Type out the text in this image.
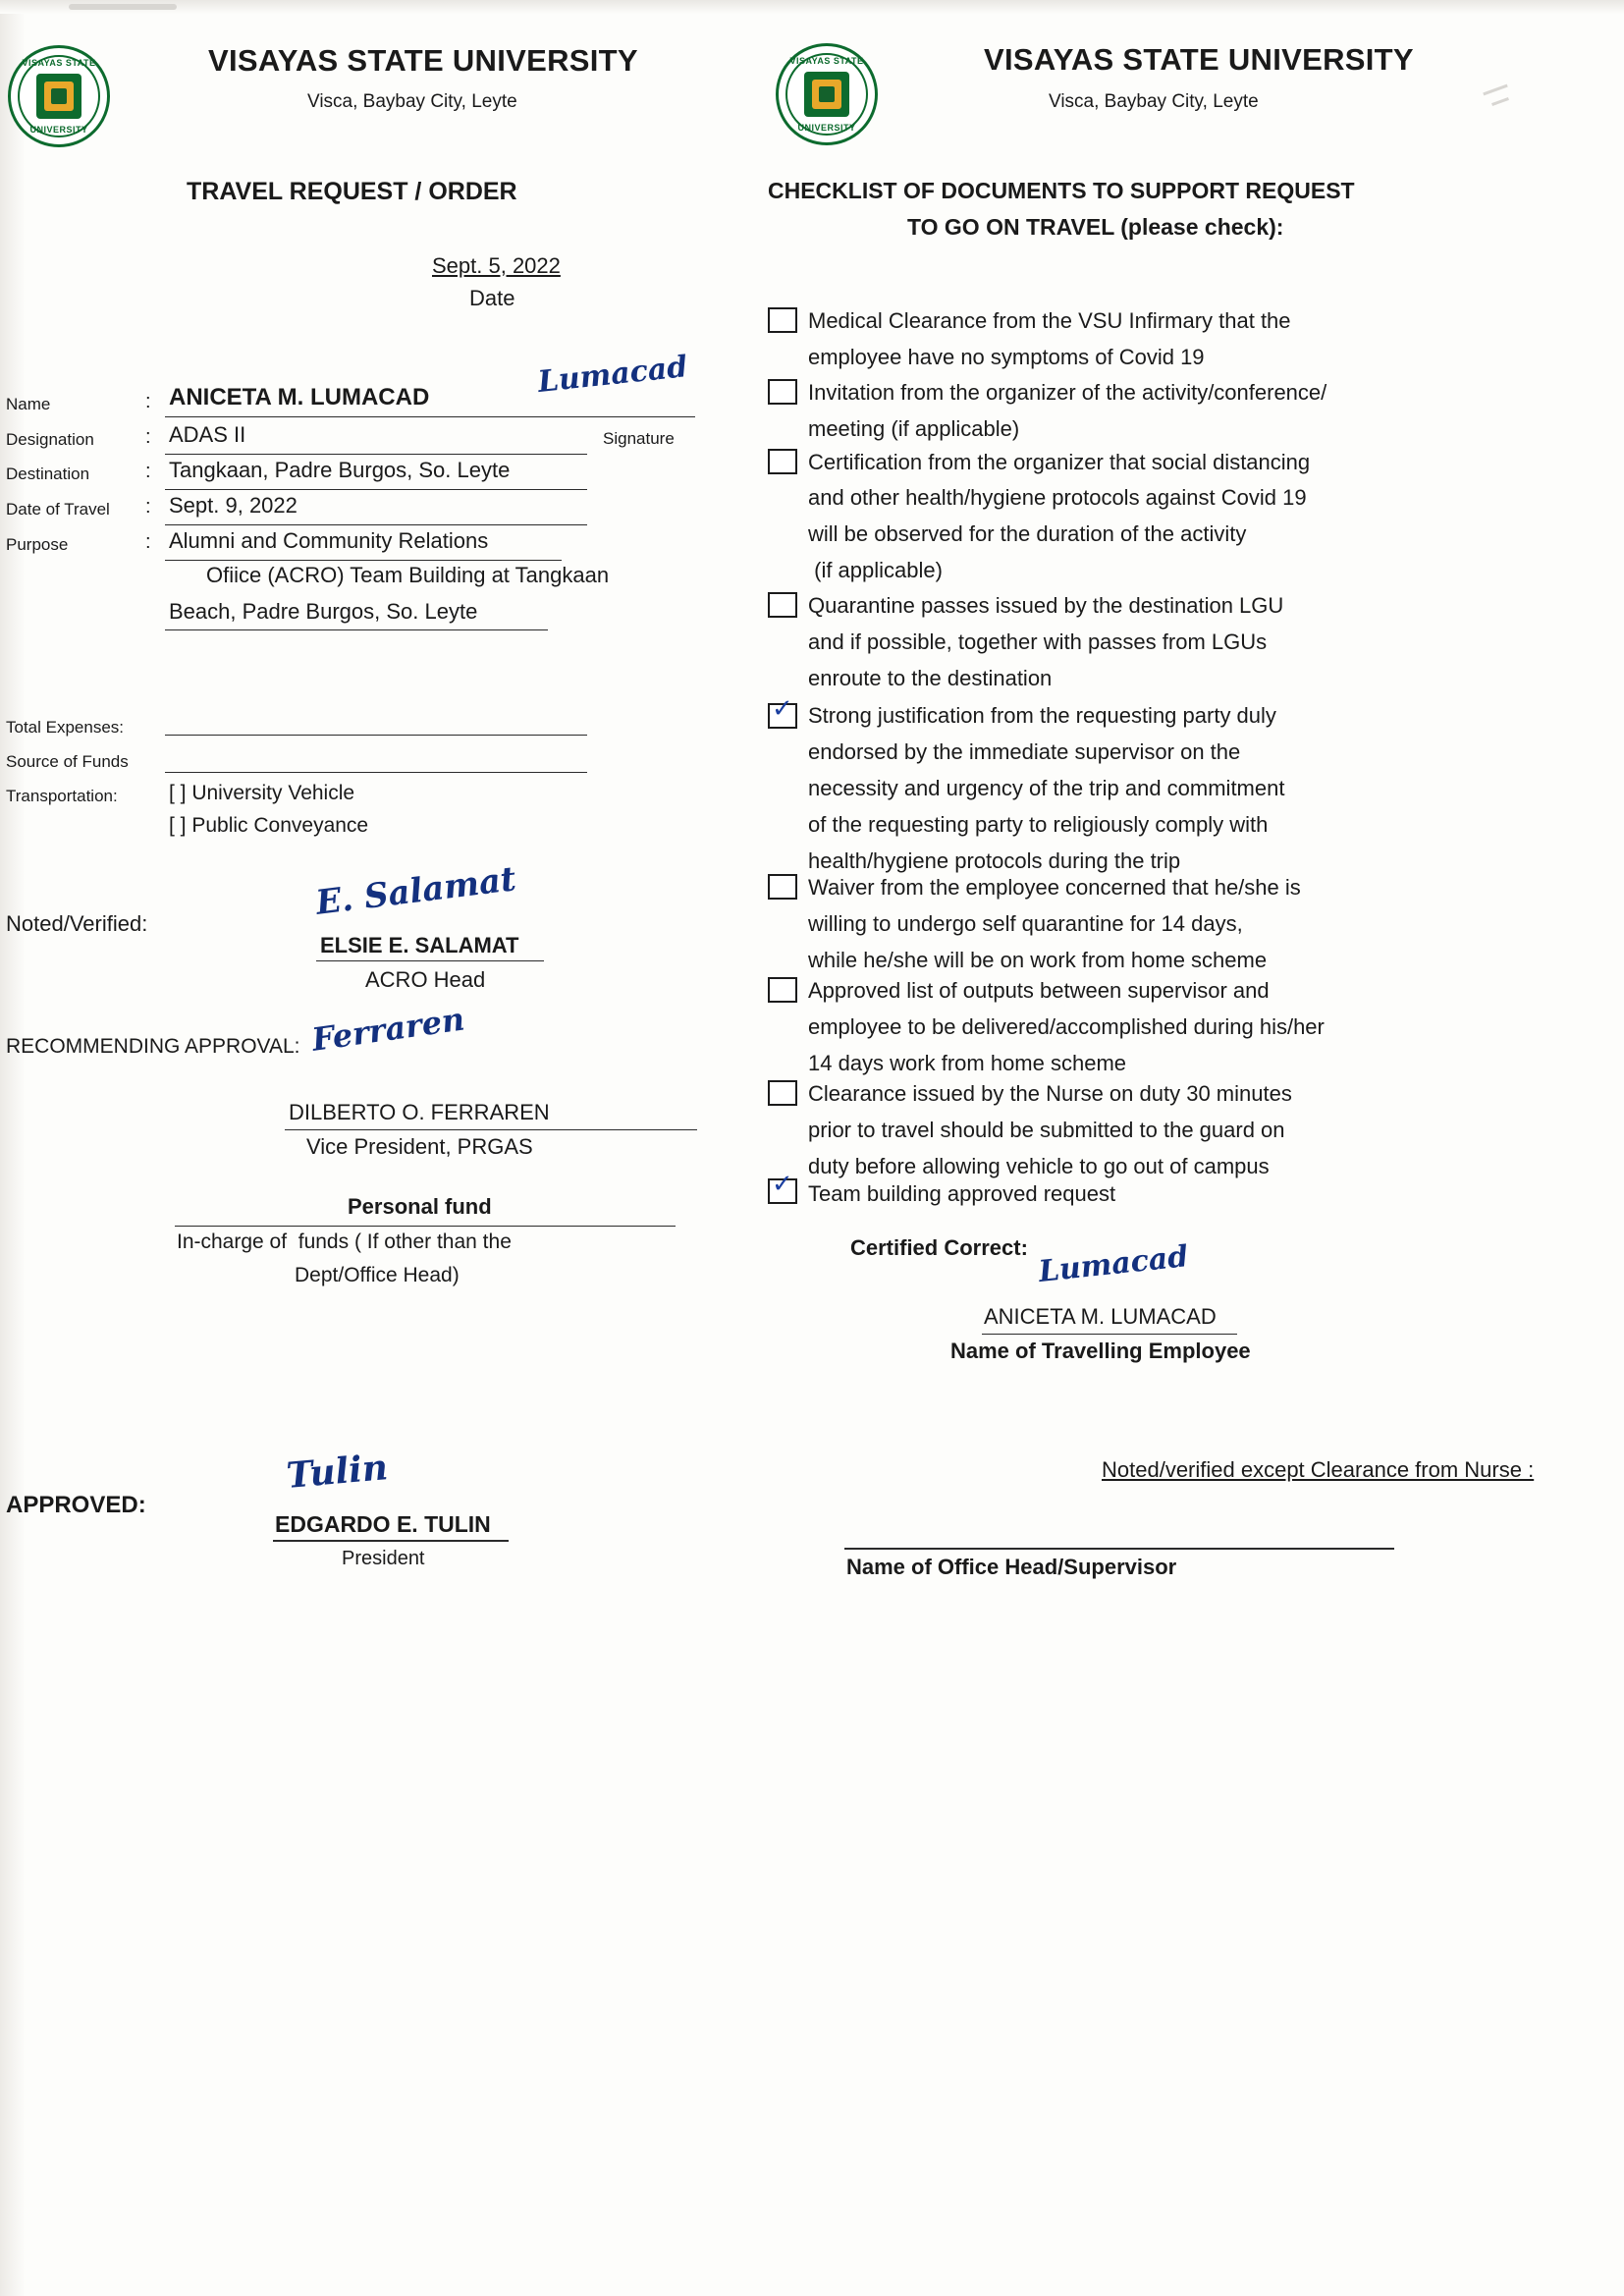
VISAYAS STATE
UNIVERSITY
VISAYAS STATE UNIVERSITY
Visca, Baybay City, Leyte
TRAVEL REQUEST / ORDER
Sept. 5, 2022
Date
Name	: ANICETA M. LUMACAD
Designation	: ADAS II	Signature
Destination	: Tangkaan, Padre Burgos, So. Leyte
Date of Travel : Sept. 9, 2022
Purpose	: Alumni and Community Relations
Ofiice (ACRO) Team Building at Tangkaan
Beach, Padre Burgos, So. Leyte
Lumacad
Total Expenses:
Source of Funds
Transportation: [ ] University Vehicle
[ ] Public Conveyance
Noted/Verified:
E. Salamat
ELSIE E. SALAMAT
ACRO Head
RECOMMENDING APPROVAL: Ferraren
DILBERTO O. FERRAREN
Vice President, PRGAS
Personal fund
In-charge of  funds ( If other than the
Dept/Office Head)
APPROVED:
Tulin
EDGARDO E. TULIN
President
VISAYAS STATE
UNIVERSITY
VISAYAS STATE UNIVERSITY
Visca, Baybay City, Leyte
CHECKLIST OF DOCUMENTS TO SUPPORT REQUEST
TO GO ON TRAVEL (please check):
Medical Clearance from the VSU Infirmary that the
employee have no symptoms of Covid 19
Invitation from the organizer of the activity/conference/
meeting (if applicable)
Certification from the organizer that social distancing
and other health/hygiene protocols against Covid 19
will be observed for the duration of the activity
(if applicable)
Quarantine passes issued by the destination LGU
and if possible, together with passes from LGUs
enroute to the destination
✓ Strong justification from the requesting party duly
endorsed by the immediate supervisor on the
necessity and urgency of the trip and commitment
of the requesting party to religiously comply with
health/hygiene protocols during the trip
Waiver from the employee concerned that he/she is
willing to undergo self quarantine for 14 days,
while he/she will be on work from home scheme
Approved list of outputs between supervisor and
employee to be delivered/accomplished during his/her
14 days work from home scheme
Clearance issued by the Nurse on duty 30 minutes
prior to travel should be submitted to the guard on
duty before allowing vehicle to go out of campus
✓ Team building approved request
Certified Correct: Lumacad
ANICETA M. LUMACAD
Name of Travelling Employee
Noted/verified except Clearance from Nurse :
Name of Office Head/Supervisor
